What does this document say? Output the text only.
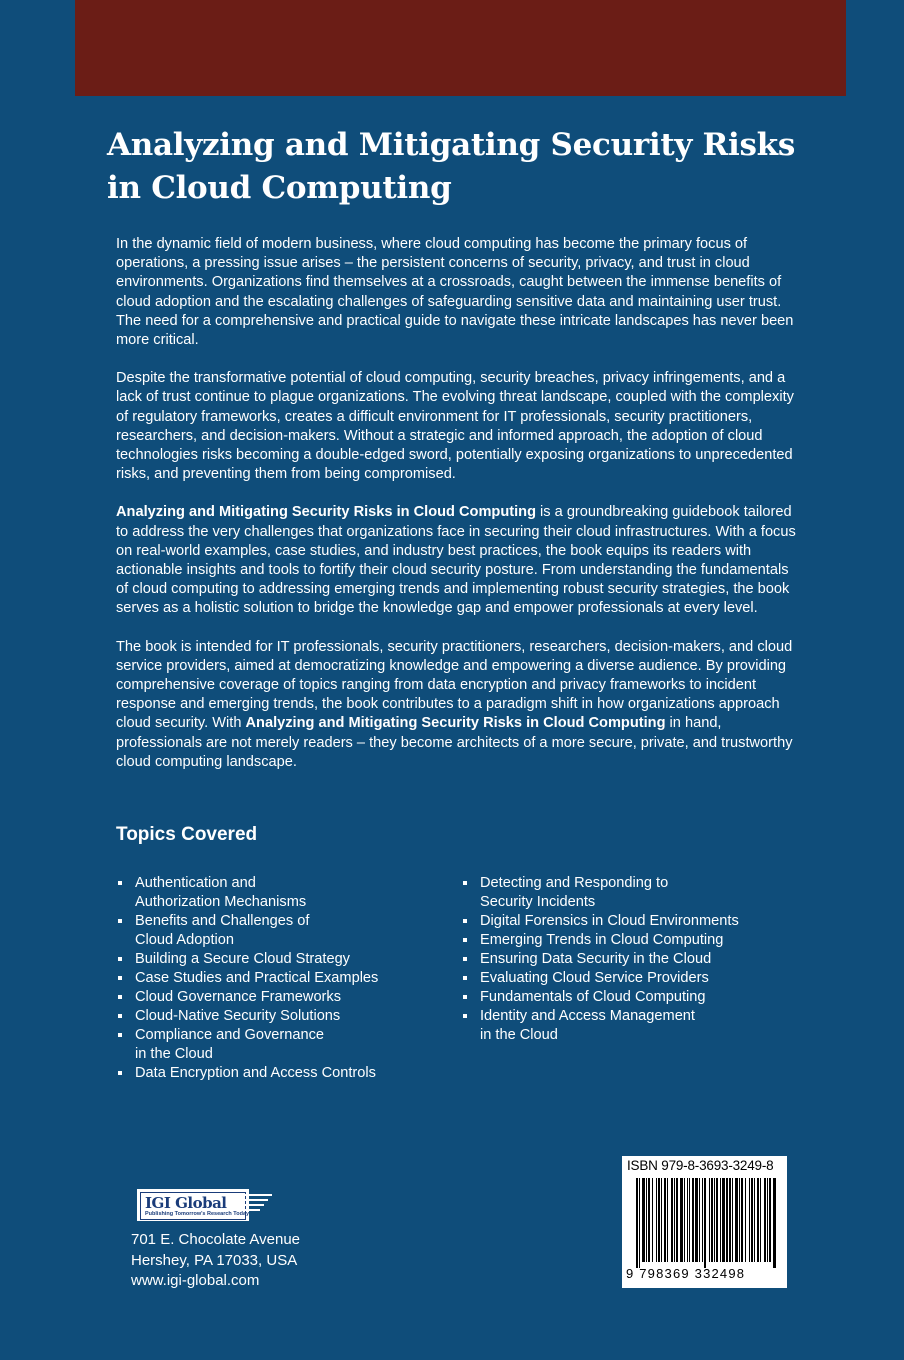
Analyzing and Mitigating Security Risks in Cloud Computing

In the dynamic field of modern business, where cloud computing has become the primary focus of operations, a pressing issue arises – the persistent concerns of security, privacy, and trust in cloud environments. Organizations find themselves at a crossroads, caught between the immense benefits of cloud adoption and the escalating challenges of safeguarding sensitive data and maintaining user trust. The need for a comprehensive and practical guide to navigate these intricate landscapes has never been more critical.

Despite the transformative potential of cloud computing, security breaches, privacy infringements, and a lack of trust continue to plague organizations. The evolving threat landscape, coupled with the complexity of regulatory frameworks, creates a difficult environment for IT professionals, security practitioners, researchers, and decision-makers. Without a strategic and informed approach, the adoption of cloud technologies risks becoming a double-edged sword, potentially exposing organizations to unprecedented risks, and preventing them from being compromised.

Analyzing and Mitigating Security Risks in Cloud Computing is a groundbreaking guidebook tailored to address the very challenges that organizations face in securing their cloud infrastructures. With a focus on real-world examples, case studies, and industry best practices, the book equips its readers with actionable insights and tools to fortify their cloud security posture. From understanding the fundamentals of cloud computing to addressing emerging trends and implementing robust security strategies, the book serves as a holistic solution to bridge the knowledge gap and empower professionals at every level.

The book is intended for IT professionals, security practitioners, researchers, decision-makers, and cloud service providers, aimed at democratizing knowledge and empowering a diverse audience. By providing comprehensive coverage of topics ranging from data encryption and privacy frameworks to incident response and emerging trends, the book contributes to a paradigm shift in how organizations approach cloud security. With Analyzing and Mitigating Security Risks in Cloud Computing in hand, professionals are not merely readers – they become architects of a more secure, private, and trustworthy cloud computing landscape.

Topics Covered
Authentication and
Authorization Mechanisms
Benefits and Challenges of
Cloud Adoption
Building a Secure Cloud Strategy
Case Studies and Practical Examples
Cloud Governance Frameworks
Cloud-Native Security Solutions
Compliance and Governance
in the Cloud
Data Encryption and Access Controls
Detecting and Responding to
Security Incidents
Digital Forensics in Cloud Environments
Emerging Trends in Cloud Computing
Ensuring Data Security in the Cloud
Evaluating Cloud Service Providers
Fundamentals of Cloud Computing
Identity and Access Management
in the Cloud
IGI Global
Publishing Tomorrow's Research Today
701 E. Chocolate Avenue
Hershey, PA 17033, USA
www.igi-global.com
ISBN 979-8-3693-3249-8
9 798369 332498
